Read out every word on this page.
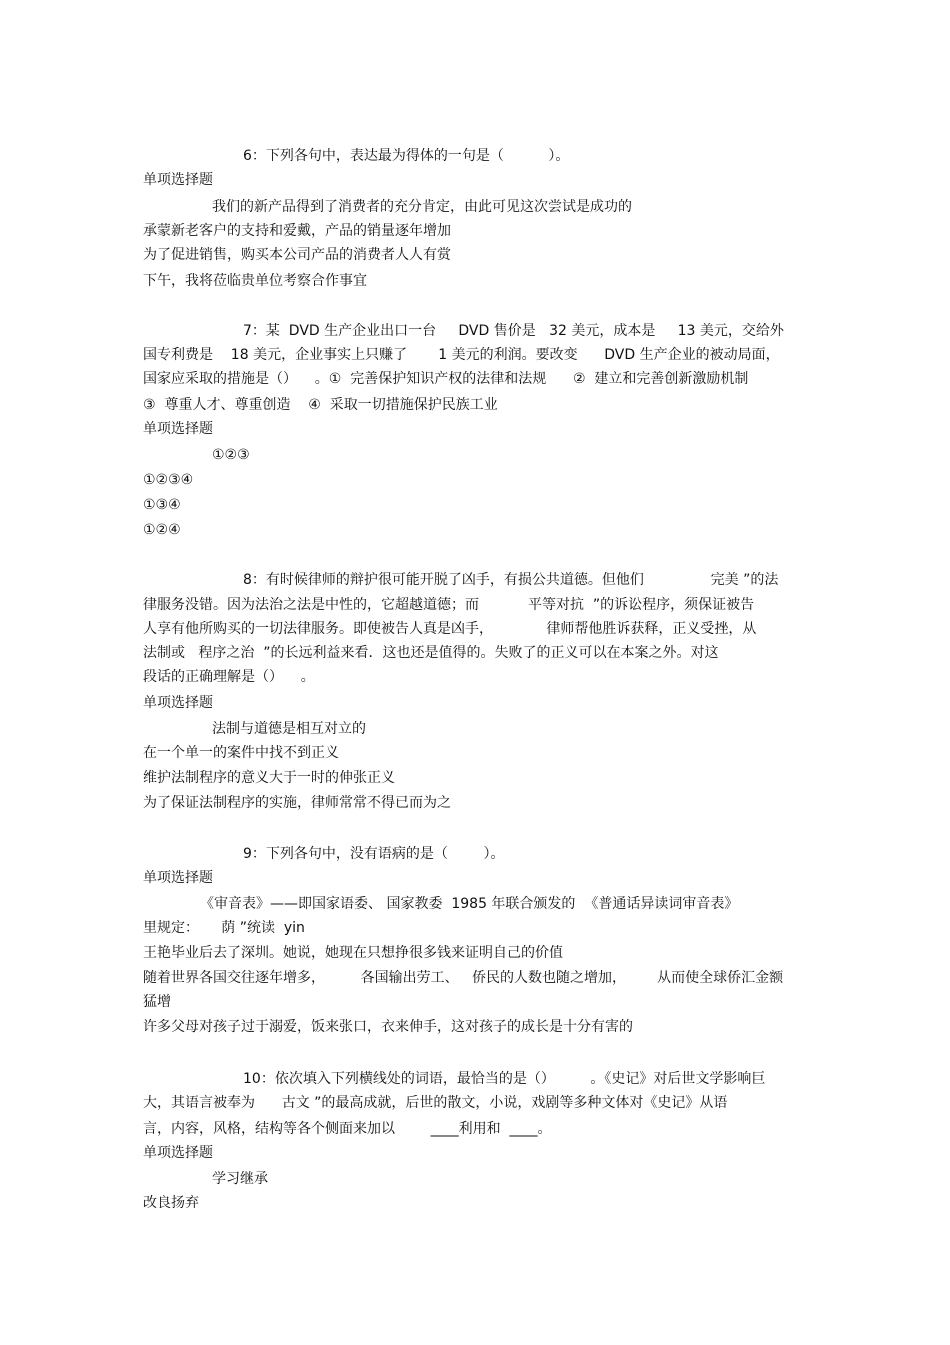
6：下列各句中，表达最为得体的一句是（          ）。
单项选择题
我们的新产品得到了消费者的充分肯定，由此可见这次尝试是成功的
承蒙新老客户的支持和爱戴，产品的销量逐年增加
为了促进销售，购买本公司产品的消费者人人有赏
下午，我将莅临贵单位考察合作事宜
7：某  DVD 生产企业出口一台     DVD 售价是   32 美元，成本是     13 美元，交给外
国专利费是    18 美元，企业事实上只赚了       1 美元的利润。要改变      DVD 生产企业的被动局面，
国家应采取的措施是（）    。①  完善保护知识产权的法律和法规      ②  建立和完善创新激励机制
③  尊重人才、尊重创造    ④  采取一切措施保护民族工业
单项选择题
①②③
①②③④
①③④
①②④
8：有时候律师的辩护很可能开脱了凶手，有损公共道德。但他们               完美 ”的法
律服务没错。因为法治之法是中性的，它超越道德；而           平等对抗  ”的诉讼程序，须保证被告
人享有他所购买的一切法律服务。即使被告人真是凶手，            律师帮他胜诉获释，正义受挫，从
法制或   程序之治  ”的长远利益来看．这也还是值得的。失败了的正义可以在本案之外。对这
段话的正确理解是（）    。
单项选择题
法制与道德是相互对立的
在一个单一的案件中找不到正义
维护法制程序的意义大于一时的伸张正义
为了保证法制程序的实施，律师常常不得已而为之
9：下列各句中，没有语病的是（        ）。
单项选择题
《审音表》——即国家语委、 国家教委  1985 年联合颁发的  《普通话异读词审音表》
里规定：     荫 ”统读  yin
王艳毕业后去了深圳。她说，她现在只想挣很多钱来证明自己的价值
随着世界各国交往逐年增多，        各国输出劳工、   侨民的人数也随之增加，       从而使全球侨汇金额
猛增
许多父母对孩子过于溺爱，饭来张口，衣来伸手，这对孩子的成长是十分有害的
10：依次填入下列横线处的词语，最恰当的是（）        。《史记》对后世文学影响巨
大，其语言被奉为      古文 ”的最高成就，后世的散文，小说，戏剧等多种文体对《史记》从语
言，内容，风格，结构等各个侧面来加以        ____利用和  ____。
单项选择题
学习继承
改良扬弃
